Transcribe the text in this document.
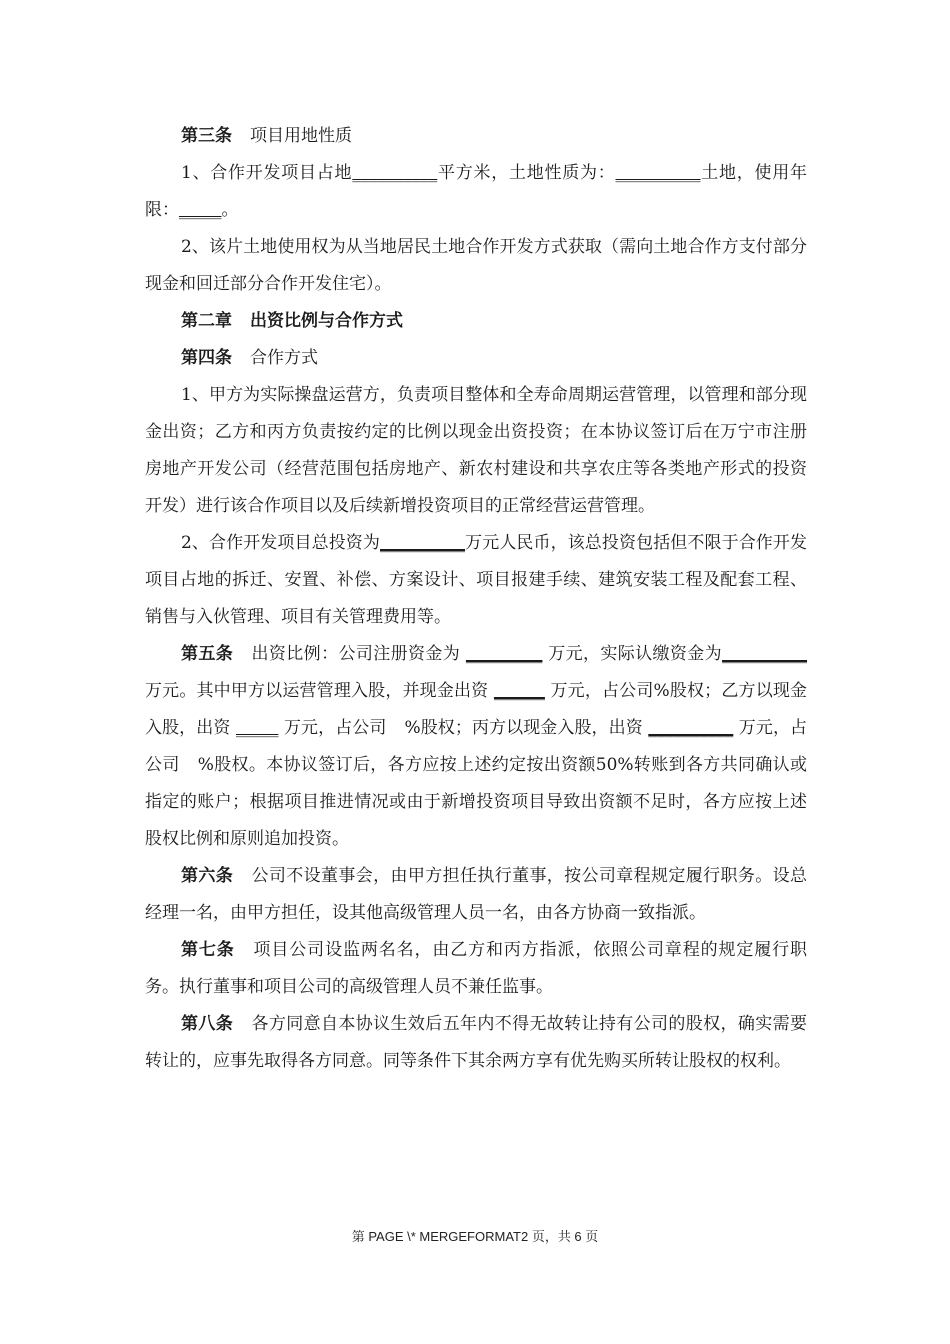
第三条 项目用地性质

1、合作开发项目占地__________平方米，土地性质为：__________土地，使用年限：_____。

2、该片土地使用权为从当地居民土地合作开发方式获取（需向土地合作方支付部分现金和回迁部分合作开发住宅）。

第二章 出资比例与合作方式

第四条 合作方式

1、甲方为实际操盘运营方，负责项目整体和全寿命周期运营管理，以管理和部分现金出资；乙方和丙方负责按约定的比例以现金出资投资；在本协议签订后在万宁市注册房地产开发公司（经营范围包括房地产、新农村建设和共享农庄等各类地产形式的投资开发）进行该合作项目以及后续新增投资项目的正常经营运营管理。

2、合作开发项目总投资为__________万元人民币，该总投资包括但不限于合作开发项目占地的拆迁、安置、补偿、方案设计、项目报建手续、建筑安装工程及配套工程、销售与入伙管理、项目有关管理费用等。

第五条 出资比例：公司注册资金为 _________ 万元，实际认缴资金为__________ 万元。其中甲方以运营管理入股，并现金出资 ______ 万元，占公司%股权；乙方以现金入股，出资 _____ 万元，占公司 %股权；丙方以现金入股，出资 __________ 万元，占公司 %股权。本协议签订后，各方应按上述约定按出资额50%转账到各方共同确认或指定的账户；根据项目推进情况或由于新增投资项目导致出资额不足时，各方应按上述股权比例和原则追加投资。

第六条 公司不设董事会，由甲方担任执行董事，按公司章程规定履行职务。设总经理一名，由甲方担任，设其他高级管理人员一名，由各方协商一致指派。

第七条 项目公司设监两名名，由乙方和丙方指派，依照公司章程的规定履行职务。执行董事和项目公司的高级管理人员不兼任监事。

第八条 各方同意自本协议生效后五年内不得无故转让持有公司的股权，确实需要转让的，应事先取得各方同意。同等条件下其余两方享有优先购买所转让股权的权利。

第 PAGE \* MERGEFORMAT2 页，共 6 页
